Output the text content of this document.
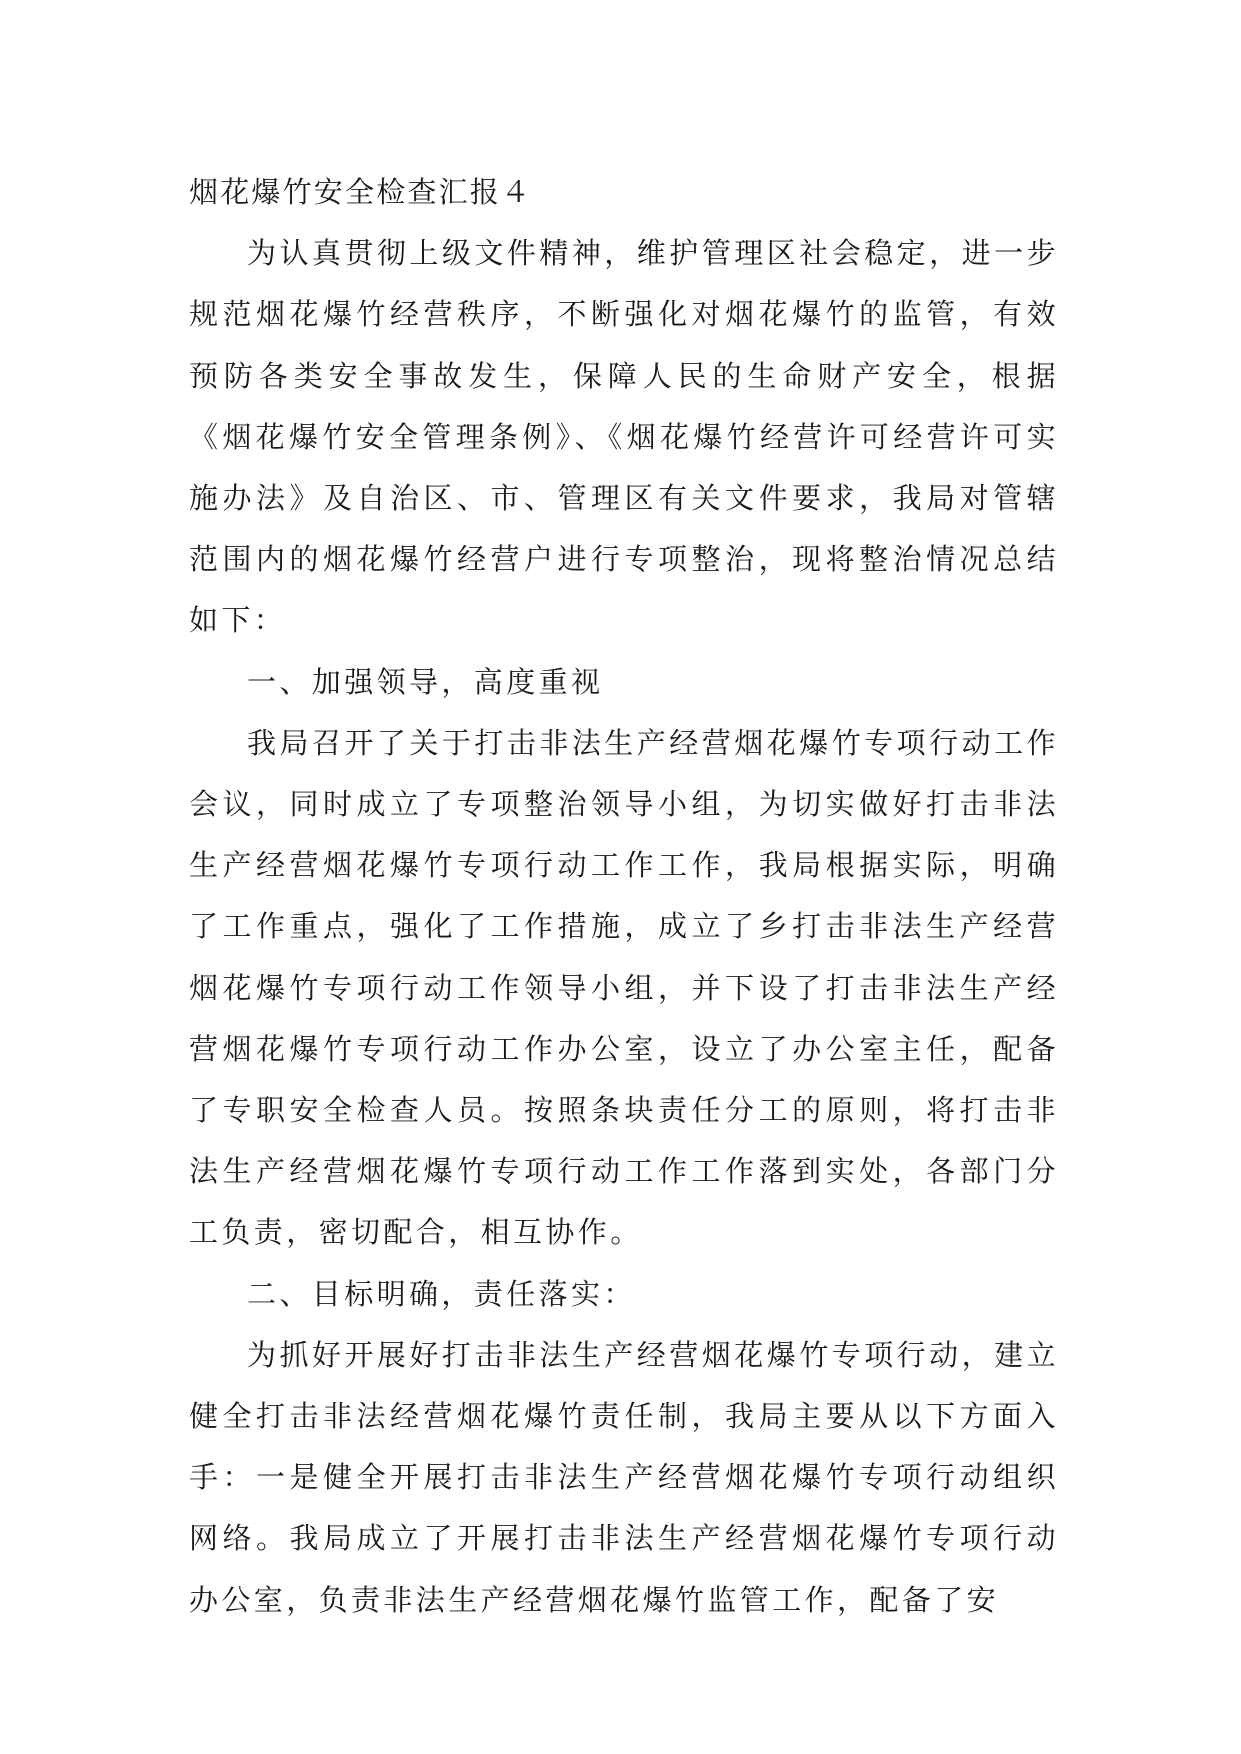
烟花爆竹安全检查汇报４

为认真贯彻上级文件精神，维护管理区社会稳定，进一步规范烟花爆竹经营秩序，不断强化对烟花爆竹的监管，有效预防各类安全事故发生，保障人民的生命财产安全，根据《烟花爆竹安全管理条例》、《烟花爆竹经营许可经营许可实施办法》及自治区、市、管理区有关文件要求，我局对管辖范围内的烟花爆竹经营户进行专项整治，现将整治情况总结如下：

一、加强领导，高度重视

我局召开了关于打击非法生产经营烟花爆竹专项行动工作会议，同时成立了专项整治领导小组，为切实做好打击非法生产经营烟花爆竹专项行动工作工作，我局根据实际，明确了工作重点，强化了工作措施，成立了乡打击非法生产经营烟花爆竹专项行动工作领导小组，并下设了打击非法生产经营烟花爆竹专项行动工作办公室，设立了办公室主任，配备了专职安全检查人员。按照条块责任分工的原则，将打击非法生产经营烟花爆竹专项行动工作工作落到实处，各部门分工负责，密切配合，相互协作。

二、目标明确，责任落实：

为抓好开展好打击非法生产经营烟花爆竹专项行动，建立健全打击非法经营烟花爆竹责任制，我局主要从以下方面入手：一是健全开展打击非法生产经营烟花爆竹专项行动组织网络。我局成立了开展打击非法生产经营烟花爆竹专项行动办公室，负责非法生产经营烟花爆竹监管工作，配备了安
